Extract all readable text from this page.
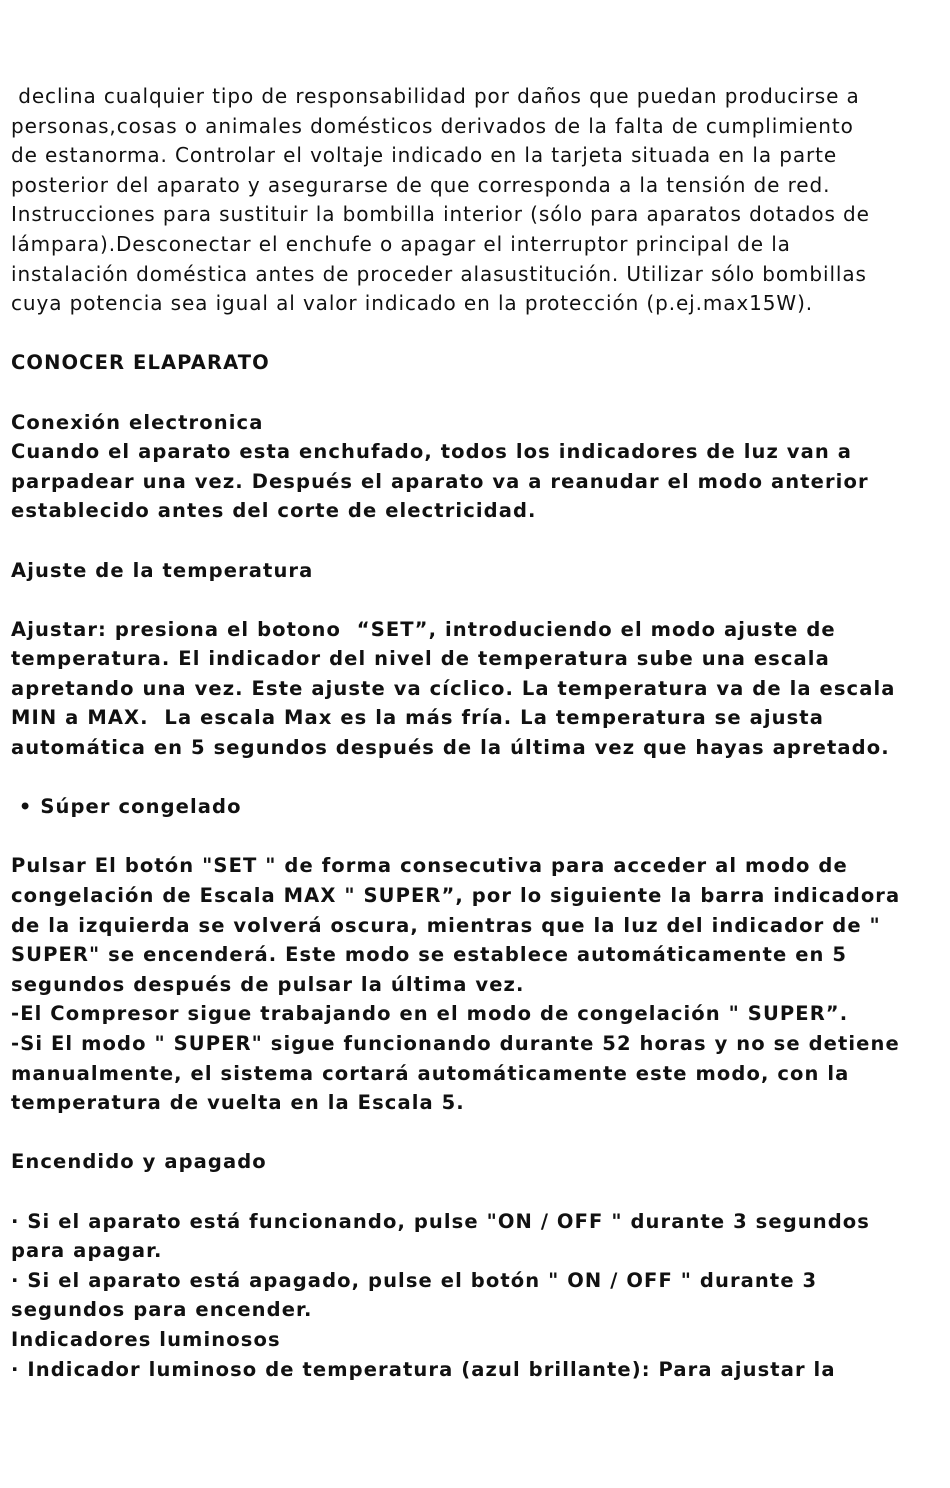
declina cualquier tipo de responsabilidad por daños que puedan producirse a
personas,cosas o animales domésticos derivados de la falta de cumplimiento
de estanorma. Controlar el voltaje indicado en la tarjeta situada en la parte
posterior del aparato y asegurarse de que corresponda a la tensión de red.
Instrucciones para sustituir la bombilla interior (sólo para aparatos dotados de
lámpara).Desconectar el enchufe o apagar el interruptor principal de la
instalación doméstica antes de proceder alasustitución. Utilizar sólo bombillas
cuya potencia sea igual al valor indicado en la protección (p.ej.max15W).
CONOCER ELAPARATO
Conexión electronica
Cuando el aparato esta enchufado, todos los indicadores de luz van a
parpadear una vez. Después el aparato va a reanudar el modo anterior
establecido antes del corte de electricidad.
Ajuste de la temperatura
Ajustar: presiona el botono  “SET”, introduciendo el modo ajuste de
temperatura. El indicador del nivel de temperatura sube una escala
apretando una vez. Este ajuste va cíclico. La temperatura va de la escala
MIN a MAX.  La escala Max es la más fría. La temperatura se ajusta
automática en 5 segundos después de la última vez que hayas apretado.
• Súper congelado
Pulsar El botón "SET " de forma consecutiva para acceder al modo de
congelación de Escala MAX " SUPER”, por lo siguiente la barra indicadora
de la izquierda se volverá oscura, mientras que la luz del indicador de "
SUPER" se encenderá. Este modo se establece automáticamente en 5
segundos después de pulsar la última vez.
-El Compresor sigue trabajando en el modo de congelación " SUPER”.
-Si El modo " SUPER" sigue funcionando durante 52 horas y no se detiene
manualmente, el sistema cortará automáticamente este modo, con la
temperatura de vuelta en la Escala 5.
Encendido y apagado
· Si el aparato está funcionando, pulse "ON / OFF " durante 3 segundos
para apagar.
· Si el aparato está apagado, pulse el botón " ON / OFF " durante 3
segundos para encender.
Indicadores luminosos
· Indicador luminoso de temperatura (azul brillante): Para ajustar la
